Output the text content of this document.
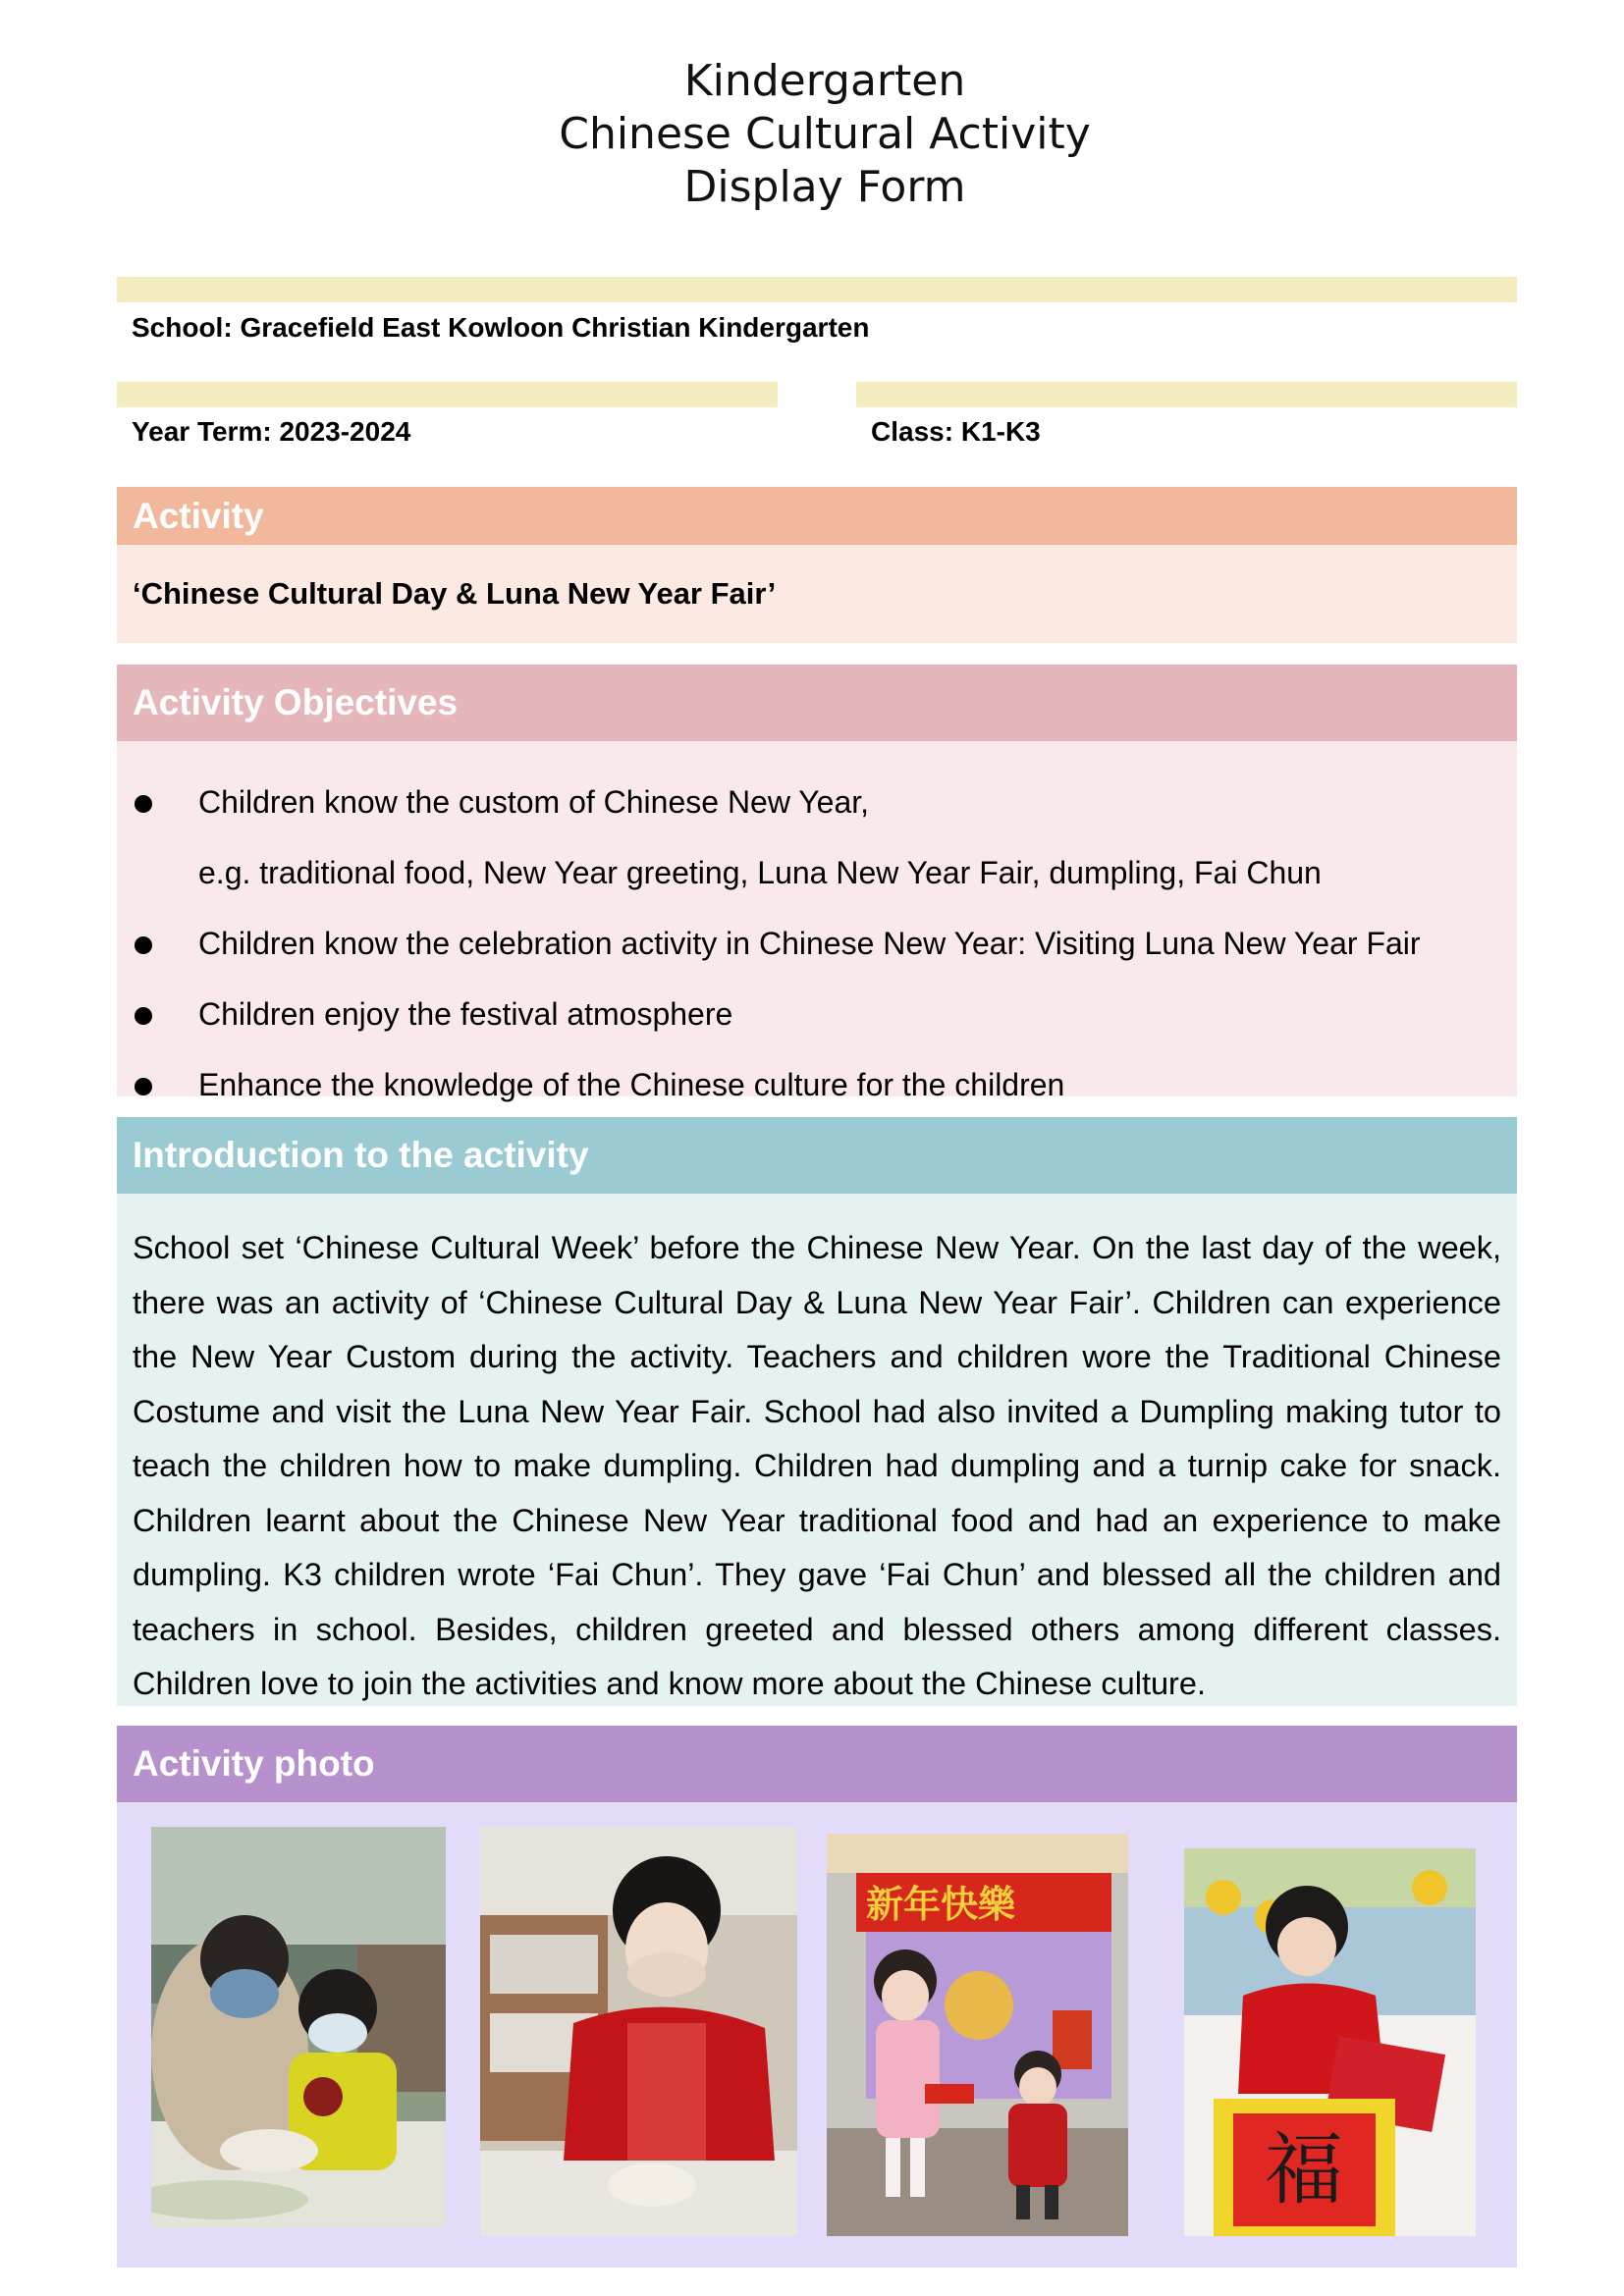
Kindergarten
Chinese Cultural Activity
Display Form
School: Gracefield East Kowloon Christian Kindergarten
Year Term: 2023-2024	Class: K1-K3
Activity
‘Chinese Cultural Day & Luna New Year Fair’
Activity Objectives
Children know the custom of Chinese New Year,
e.g. traditional food, New Year greeting, Luna New Year Fair, dumpling, Fai Chun
Children know the celebration activity in Chinese New Year: Visiting Luna New Year Fair
Children enjoy the festival atmosphere
Enhance the knowledge of the Chinese culture for the children
Introduction to the activity
School set ‘Chinese Cultural Week’ before the Chinese New Year. On the last day of the week, there was an activity of ‘Chinese Cultural Day & Luna New Year Fair’. Children can experience the New Year Custom during the activity. Teachers and children wore the Traditional Chinese Costume and visit the Luna New Year Fair. School had also invited a Dumpling making tutor to teach the children how to make dumpling. Children had dumpling and a turnip cake for snack. Children learnt about the Chinese New Year traditional food and had an experience to make dumpling. K3 children wrote ‘Fai Chun’. They gave ‘Fai Chun’ and blessed all the children and teachers in school. Besides, children greeted and blessed others among different classes. Children love to join the activities and know more about the Chinese culture.
Activity photo
新年快樂
福
